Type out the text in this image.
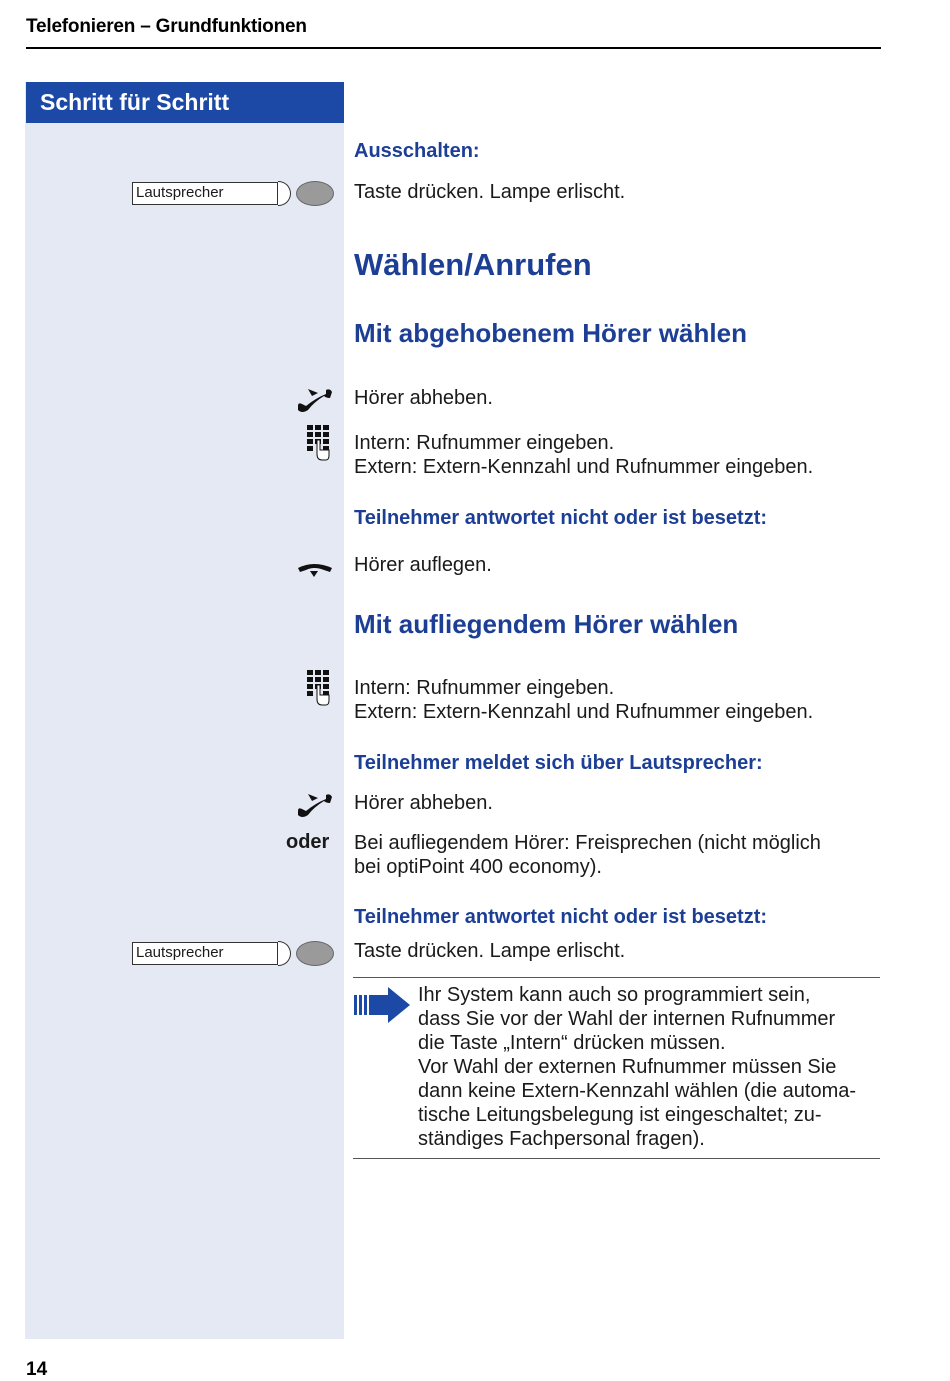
Telefonieren – Grundfunktionen
Schritt für Schritt
Ausschalten:
Lautsprecher	Taste drücken. Lampe erlischt.
Wählen/Anrufen
Mit abgehobenem Hörer wählen
Hörer abheben.
Intern: Rufnummer eingeben.
Extern: Extern-Kennzahl und Rufnummer eingeben.
Teilnehmer antwortet nicht oder ist besetzt:
Hörer auflegen.
Mit aufliegendem Hörer wählen
Intern: Rufnummer eingeben.
Extern: Extern-Kennzahl und Rufnummer eingeben.
Teilnehmer meldet sich über Lautsprecher:
Hörer abheben.
oder Bei aufliegendem Hörer: Freisprechen (nicht möglich
bei optiPoint 400 economy).
Teilnehmer antwortet nicht oder ist besetzt:
Lautsprecher	Taste drücken. Lampe erlischt.
Ihr System kann auch so programmiert sein,
dass Sie vor der Wahl der internen Rufnummer
die Taste „Intern“ drücken müssen.
Vor Wahl der externen Rufnummer müssen Sie
dann keine Extern-Kennzahl wählen (die automa-
tische Leitungsbelegung ist eingeschaltet; zu-
ständiges Fachpersonal fragen).
14
